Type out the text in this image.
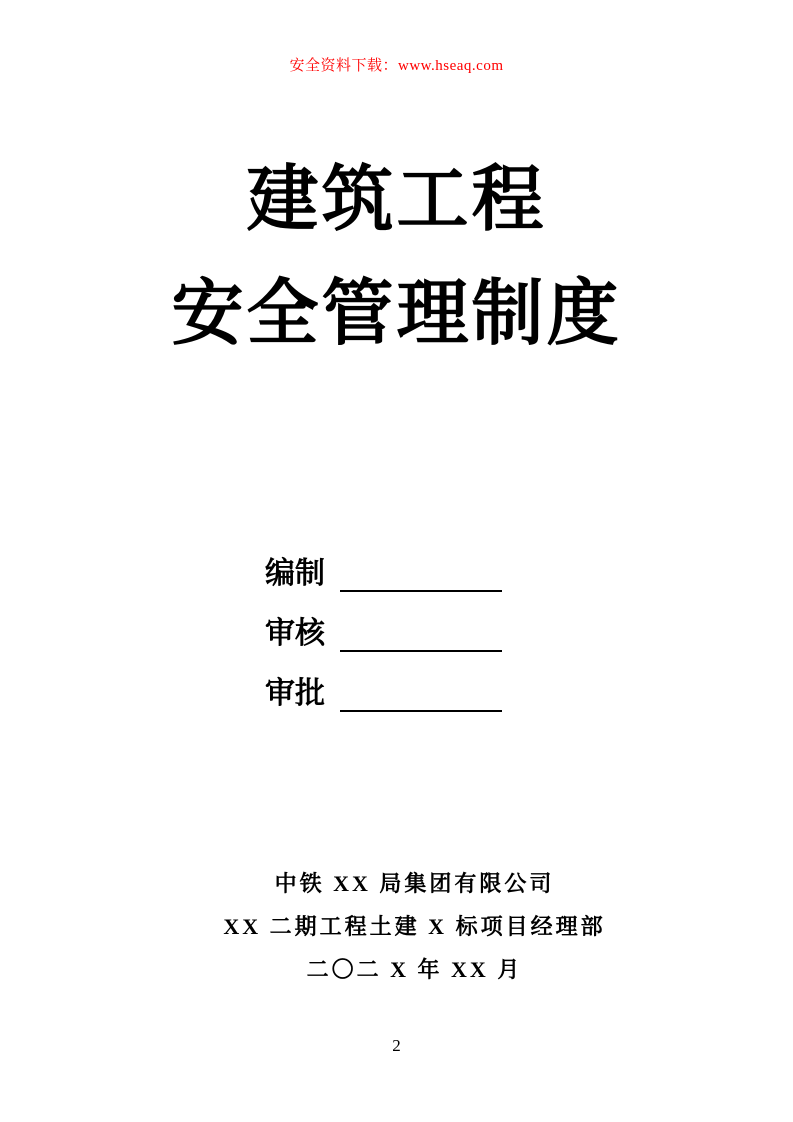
安全资料下载：www.hseaq.com
建筑工程
安全管理制度
编制
审核
审批
中铁 XX 局集团有限公司
XX 二期工程土建 X 标项目经理部
二〇二 X 年 XX 月
2
